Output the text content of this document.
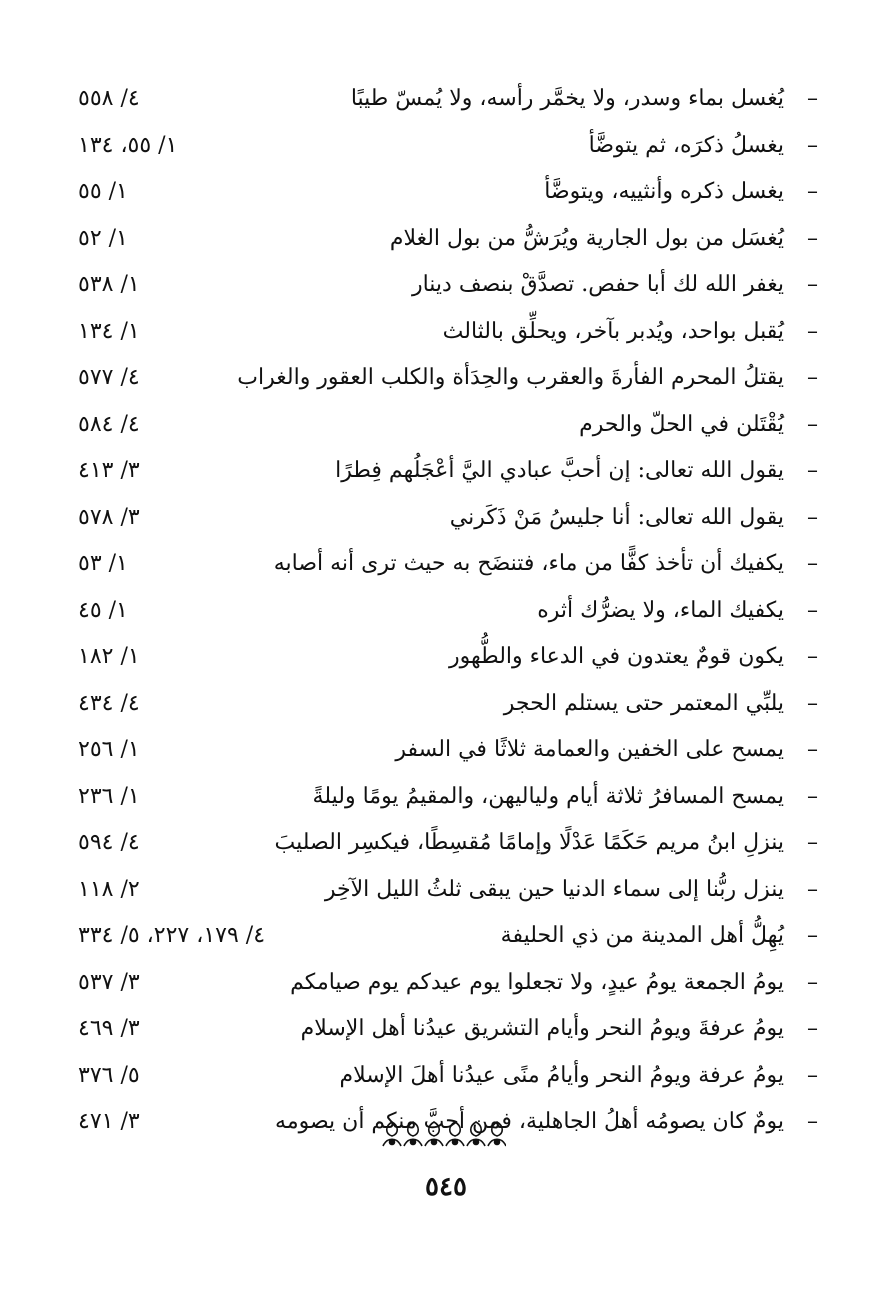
–
يُغسل بماء وسدر، ولا يخمَّر رأسه، ولا يُمسّ طيبًا
٤/ ٥٥٨
–
يغسلُ ذكرَه، ثم يتوضَّأ
١/ ٥٥، ١٣٤
–
يغسل ذكره وأنثييه، ويتوضَّأ
١/ ٥٥
–
يُغسَل من بول الجارية ويُرَشُّ من بول الغلام
١/ ٥٢
–
يغفر الله لك أبا حفص. تصدَّقْ بنصف دينار
١/ ٥٣٨
–
يُقبل بواحد، ويُدبر بآخر، ويحلِّق بالثالث
١/ ١٣٤
–
يقتلُ المحرم الفأرةَ والعقرب والحِدَأة والكلب العقور والغراب
٤/ ٥٧٧
–
يُقْتَلن في الحلّ والحرم
٤/ ٥٨٤
–
يقول الله تعالى: إن أحبَّ عبادي اليَّ أعْجَلُهم فِطرًا
٣/ ٤١٣
–
يقول الله تعالى: أنا جليسُ مَنْ ذَكَرني
٣/ ٥٧٨
–
يكفيك أن تأخذ كفًّا من ماء، فتنضَح به حيث ترى أنه أصابه
١/ ٥٣
–
يكفيك الماء، ولا يضرُّك أثره
١/ ٤٥
–
يكون قومٌ يعتدون في الدعاء والطُّهور
١/ ١٨٢
–
يلبِّي المعتمر حتى يستلم الحجر
٤/ ٤٣٤
–
يمسح على الخفين والعمامة ثلاثًا في السفر
١/ ٢٥٦
–
يمسح المسافرُ ثلاثة أيام ولياليهن، والمقيمُ يومًا وليلةً
١/ ٢٣٦
–
ينزلِ ابنُ مريم حَكَمًا عَدْلًا وإمامًا مُقسِطًا، فيكسِر الصليبَ
٤/ ٥٩٤
–
ينزل ربُّنا إلى سماء الدنيا حين يبقى ثلثُ الليل الآخِر
٢/ ١١٨
–
يُهِلُّ أهل المدينة من ذي الحليفة
٤/ ١٧٩، ٢٢٧، ٥/ ٣٣٤
–
يومُ الجمعة يومُ عيدٍ، ولا تجعلوا يوم عيدكم يوم صيامكم
٣/ ٥٣٧
–
يومُ عرفةَ ويومُ النحر وأيام التشريق عيدُنا أهل الإسلام
٣/ ٤٦٩
–
يومُ عرفة ويومُ النحر وأيامُ منًى عيدُنا أهلَ الإسلام
٥/ ٣٧٦
–
يومٌ كان يصومُه أهلُ الجاهلية، فمن أحبَّ منكم أن يصومه
٣/ ٤٧١
٥٤٥
